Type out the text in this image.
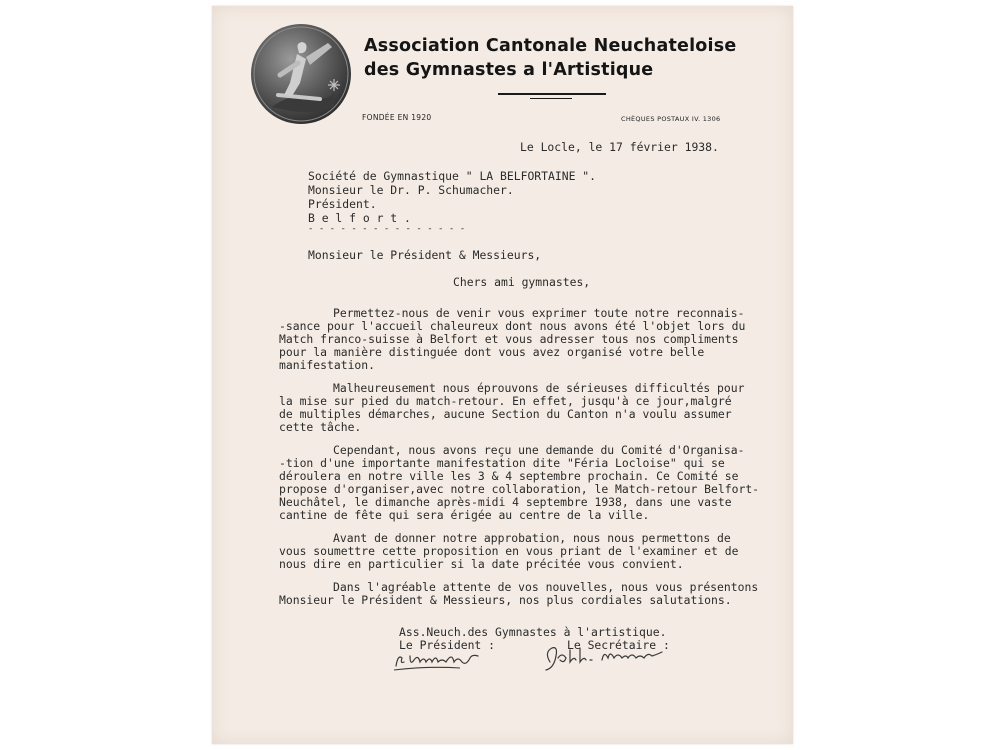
Association Cantonale Neuchateloise
des Gymnastes a l'Artistique
FONDÉE EN 1920	CHÈQUES POSTAUX IV. 1306
Le Locle, le 17 février 1938.
Société de Gymnastique " LA BELFORTAINE ".
Monsieur le Dr. P. Schumacher.
Président.
B e l f o r t .
- - - - - - - - - - - - - - -
Monsieur le Président & Messieurs,
Chers ami gymnastes,
Permettez-nous de venir vous exprimer toute notre reconnais-
-sance pour l'accueil chaleureux dont nous avons été l'objet lors du
Match franco-suisse à Belfort et vous adresser tous nos compliments
pour la manière distinguée dont vous avez organisé votre belle
manifestation.
Malheureusement nous éprouvons de sérieuses difficultés pour
la mise sur pied du match-retour. En effet, jusqu'à ce jour,malgré
de multiples démarches, aucune Section du Canton n'a voulu assumer
cette tâche.
Cependant, nous avons reçu une demande du Comité d'Organisa-
-tion d'une importante manifestation dite "Féria Locloise" qui se
déroulera en notre ville les 3 & 4 septembre prochain. Ce Comité se
propose d'organiser,avec notre collaboration, le Match-retour Belfort-
Neuchâtel, le dimanche après-midi 4 septembre 1938, dans une vaste
cantine de fête qui sera érigée au centre de la ville.
Avant de donner notre approbation, nous nous permettons de
vous soumettre cette proposition en vous priant de l'examiner et de
nous dire en particulier si la date précitée vous convient.
Dans l'agréable attente de vos nouvelles, nous vous présentons
Monsieur le Président & Messieurs, nos plus cordiales salutations.
Ass.Neuch.des Gymnastes à l'artistique.
Le Président :	Le Secrétaire :
